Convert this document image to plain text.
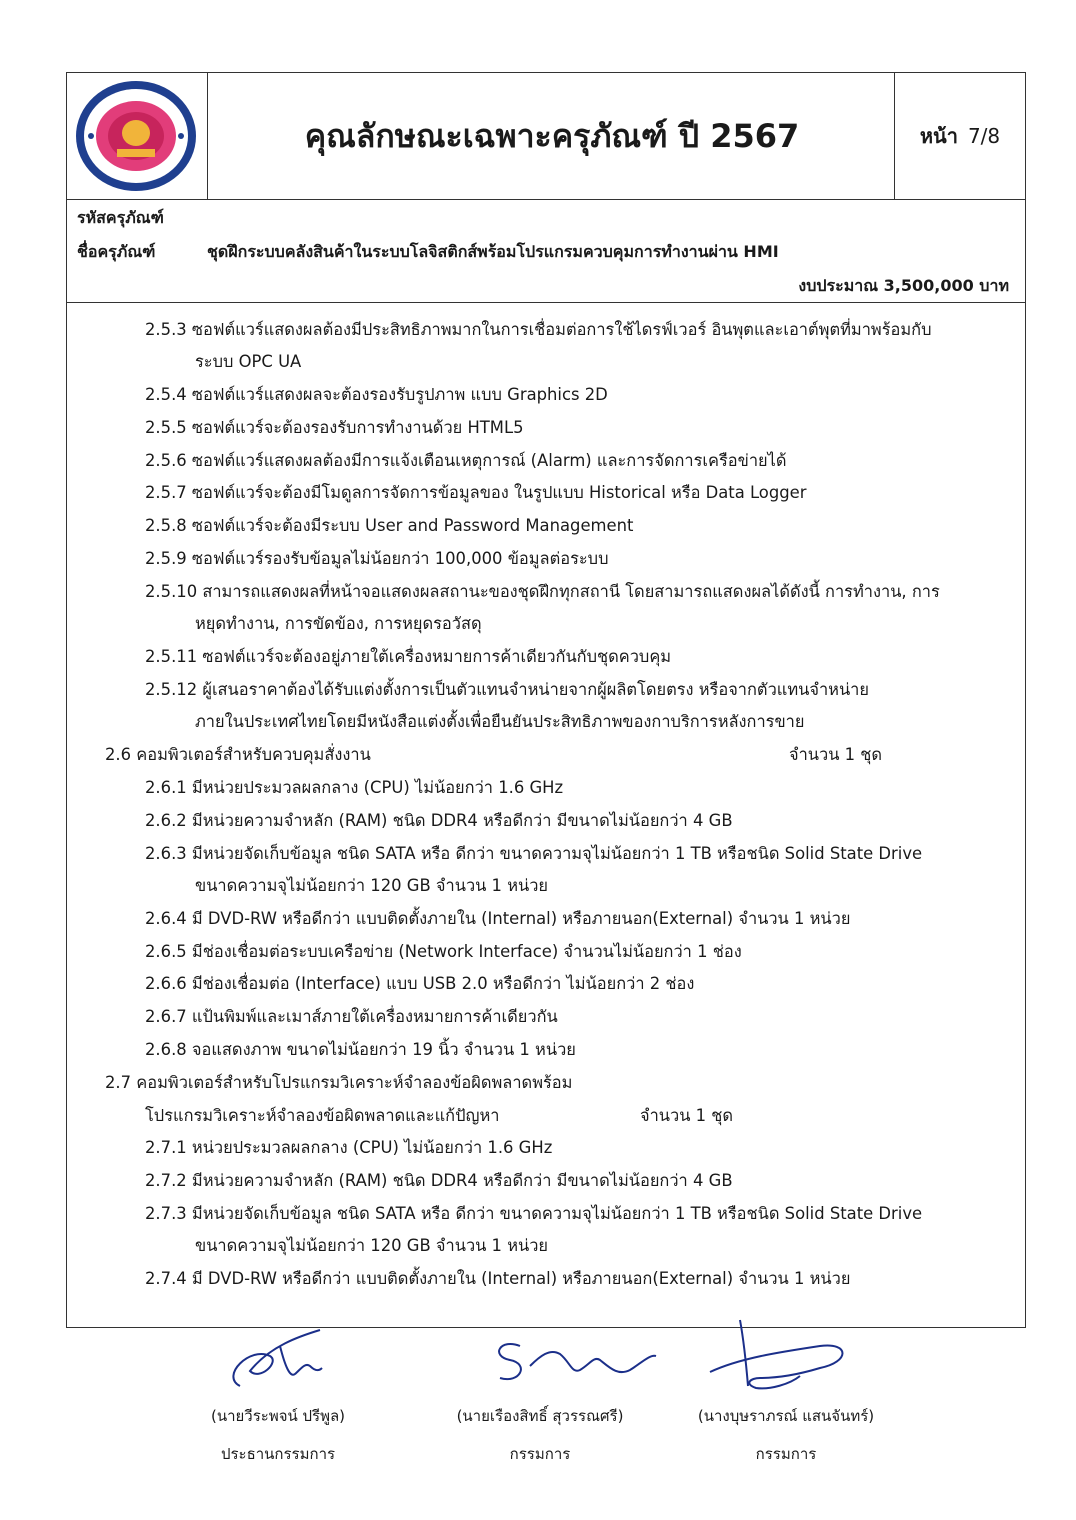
คุณลักษณะเฉพาะครุภัณฑ์ ปี 2567	หน้า 7/8
รหัสครุภัณฑ์
ชื่อครุภัณฑ์	ชุดฝึกระบบคลังสินค้าในระบบโลจิสติกส์พร้อมโปรแกรมควบคุมการทำงานผ่าน HMI
งบประมาณ 3,500,000 บาท
2.5.3 ซอฟต์แวร์แสดงผลต้องมีประสิทธิภาพมากในการเชื่อมต่อการใช้ไดรฟ์เวอร์ อินพุตและเอาต์พุตที่มาพร้อมกับ
ระบบ OPC UA
2.5.4 ซอฟต์แวร์แสดงผลจะต้องรองรับรูปภาพ แบบ Graphics 2D
2.5.5 ซอฟต์แวร์จะต้องรองรับการทำงานด้วย HTML5
2.5.6 ซอฟต์แวร์แสดงผลต้องมีการแจ้งเตือนเหตุการณ์ (Alarm) และการจัดการเครือข่ายได้
2.5.7 ซอฟต์แวร์จะต้องมีโมดูลการจัดการข้อมูลของ ในรูปแบบ Historical หรือ Data Logger
2.5.8 ซอฟต์แวร์จะต้องมีระบบ User and Password Management
2.5.9 ซอฟต์แวร์รองรับข้อมูลไม่น้อยกว่า 100,000 ข้อมูลต่อระบบ
2.5.10 สามารถแสดงผลที่หน้าจอแสดงผลสถานะของชุดฝึกทุกสถานี โดยสามารถแสดงผลได้ดังนี้ การทำงาน, การ
หยุดทำงาน, การขัดข้อง, การหยุดรอวัสดุ
2.5.11 ซอฟต์แวร์จะต้องอยู่ภายใต้เครื่องหมายการค้าเดียวกันกับชุดควบคุม
2.5.12 ผู้เสนอราคาต้องได้รับแต่งตั้งการเป็นตัวแทนจำหน่ายจากผู้ผลิตโดยตรง หรือจากตัวแทนจำหน่าย
ภายในประเทศไทยโดยมีหนังสือแต่งตั้งเพื่อยืนยันประสิทธิภาพของกาบริการหลังการขาย
2.6 คอมพิวเตอร์สำหรับควบคุมสั่งงาน	จำนวน 1 ชุด
2.6.1 มีหน่วยประมวลผลกลาง (CPU) ไม่น้อยกว่า 1.6 GHz
2.6.2 มีหน่วยความจำหลัก (RAM) ชนิด DDR4 หรือดีกว่า มีขนาดไม่น้อยกว่า 4 GB
2.6.3 มีหน่วยจัดเก็บข้อมูล ชนิด SATA หรือ ดีกว่า ขนาดความจุไม่น้อยกว่า 1 TB หรือชนิด Solid State Drive
ขนาดความจุไม่น้อยกว่า 120 GB จำนวน 1 หน่วย
2.6.4 มี DVD-RW หรือดีกว่า แบบติดตั้งภายใน (Internal) หรือภายนอก(External) จำนวน 1 หน่วย
2.6.5 มีช่องเชื่อมต่อระบบเครือข่าย (Network Interface) จำนวนไม่น้อยกว่า 1 ช่อง
2.6.6 มีช่องเชื่อมต่อ (Interface) แบบ USB 2.0 หรือดีกว่า ไม่น้อยกว่า 2 ช่อง
2.6.7 แป้นพิมพ์และเมาส์ภายใต้เครื่องหมายการค้าเดียวกัน
2.6.8 จอแสดงภาพ ขนาดไม่น้อยกว่า 19 นิ้ว จำนวน 1 หน่วย
2.7 คอมพิวเตอร์สำหรับโปรแกรมวิเคราะห์จำลองข้อผิดพลาดพร้อม
โปรแกรมวิเคราะห์จำลองข้อผิดพลาดและแก้ปัญหา	จำนวน 1 ชุด
2.7.1 หน่วยประมวลผลกลาง (CPU) ไม่น้อยกว่า 1.6 GHz
2.7.2 มีหน่วยความจำหลัก (RAM) ชนิด DDR4 หรือดีกว่า มีขนาดไม่น้อยกว่า 4 GB
2.7.3 มีหน่วยจัดเก็บข้อมูล ชนิด SATA หรือ ดีกว่า ขนาดความจุไม่น้อยกว่า 1 TB หรือชนิด Solid State Drive
ขนาดความจุไม่น้อยกว่า 120 GB จำนวน 1 หน่วย
2.7.4 มี DVD-RW หรือดีกว่า แบบติดตั้งภายใน (Internal) หรือภายนอก(External) จำนวน 1 หน่วย
(นายวีระพจน์ ปรีพูล)
ประธานกรรมการ
(นายเรืองสิทธิ์ สุวรรณศรี)
กรรมการ
(นางบุษราภรณ์ แสนจันทร์)
กรรมการ
